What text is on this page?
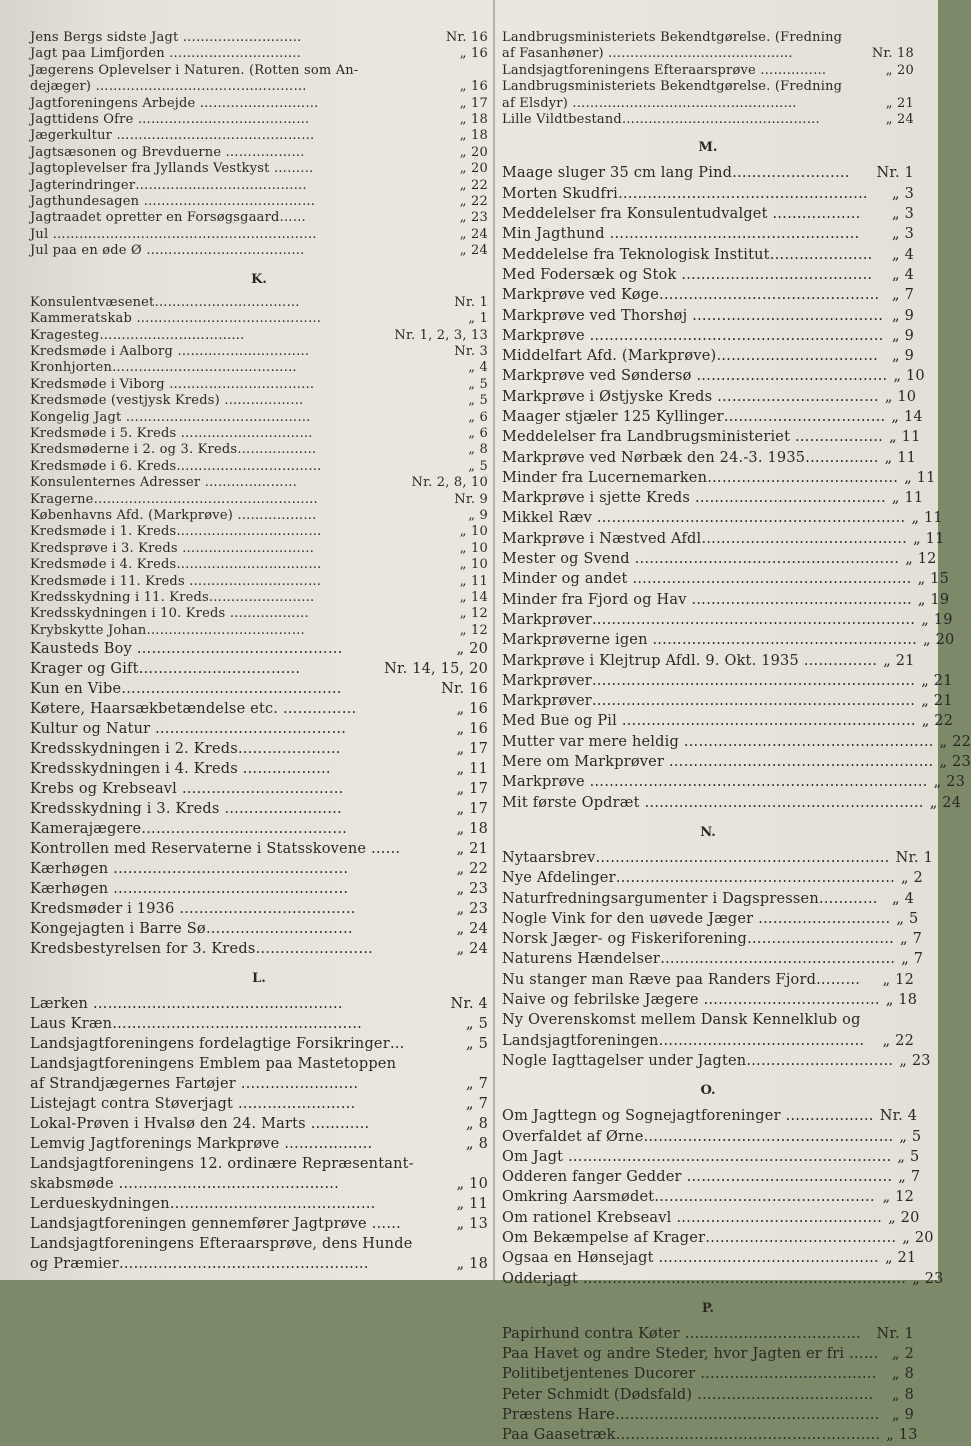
Jens Bergs sidste Jagt ………………………	Nr. 16
Jagt paa Limfjorden …………………………	„ 16
Jægerens Oplevelser i Naturen. (Rotten som An-
dejæger) …………………………………………	„ 16
Jagtforeningens Arbejde ………………………	„ 17
Jagttidens Ofre …………………………………	„ 18
Jægerkultur ………………………………………	„ 18
Jagtsæsonen og Brevduerne ………………	„ 20
Jagtoplevelser fra Jyllands Vestkyst ………	„ 20
Jagterindringer…………………………………	„ 22
Jagthundesagen …………………………………	„ 22
Jagtraadet opretter en Forsøgsgaard……	„ 23
Jul ……………………………………………………	„ 24
Jul paa en øde Ø ………………………………	„ 24
K.
Konsulentvæsenet……………………………	Nr. 1
Kammeratskab ……………………………………	„ 1
Kragesteg……………………………	Nr. 1, 2, 3, 13
Kredsmøde i Aalborg …………………………	Nr. 3
Kronhjorten……………………………………	„ 4
Kredsmøde i Viborg ……………………………	„ 5
Kredsmøde (vestjysk Kreds) ………………	„ 5
Kongelig Jagt ……………………………………	„ 6
Kredsmøde i 5. Kreds …………………………	„ 6
Kredsmøderne i 2. og 3. Kreds………………	„ 8
Kredsmøde i 6. Kreds……………………………	„ 5
Konsulenternes Adresser …………………	Nr. 2, 8, 10
Kragerne……………………………………………	Nr. 9
Københavns Afd. (Markprøve) ………………	„ 9
Kredsmøde i 1. Kreds……………………………	„ 10
Kredsprøve i 3. Kreds …………………………	„ 10
Kredsmøde i 4. Kreds……………………………	„ 10
Kredsmøde i 11. Kreds …………………………	„ 11
Kredsskydning i 11. Kreds……………………	„ 14
Kredsskydningen i 10. Kreds ………………	„ 12
Krybskytte Johan………………………………	„ 12
Kausteds Boy ……………………………………	„ 20
Krager og Gift……………………………	Nr. 14, 15, 20
Kun en Vibe………………………………………	Nr. 16
Køtere, Haarsækbetændelse etc. ……………	„ 16
Kultur og Natur …………………………………	„ 16
Kredsskydningen i 2. Kreds…………………	„ 17
Kredsskydningen i 4. Kreds ………………	„ 11
Krebs og Krebseavl ……………………………	„ 17
Kredsskydning i 3. Kreds ……………………	„ 17
Kamerajægere……………………………………	„ 18
Kontrollen med Reservaterne i Statsskovene ……	„ 21
Kærhøgen …………………………………………	„ 22
Kærhøgen …………………………………………	„ 23
Kredsmøder i 1936 ………………………………	„ 23
Kongejagten i Barre Sø…………………………	„ 24
Kredsbestyrelsen for 3. Kreds……………………	„ 24
L.
Lærken ……………………………………………	Nr. 4
Laus Kræn……………………………………………	„ 5
Landsjagtforeningens fordelagtige Forsikringer…	„ 5
Landsjagtforeningens Emblem paa Mastetoppen
af Strandjægernes Fartøjer ……………………	„ 7
Listejagt contra Støverjagt ……………………	„ 7
Lokal-Prøven i Hvalsø den 24. Marts …………	„ 8
Lemvig Jagtforenings Markprøve ………………	„ 8
Landsjagtforeningens 12. ordinære Repræsentant-
skabsmøde ………………………………………	„ 10
Lerdueskydningen……………………………………	„ 11
Landsjagtforeningen gennemfører Jagtprøve ……	„ 13
Landsjagtforeningens Efteraarsprøve, dens Hunde
og Præmier……………………………………………	„ 18
Landbrugsministeriets Bekendtgørelse. (Fredning
af Fasanhøner) ……………………………………	Nr. 18
Landsjagtforeningens Efteraarsprøve ……………	„ 20
Landbrugsministeriets Bekendtgørelse. (Fredning
af Elsdyr) ……………………………………………	„ 21
Lille Vildtbestand………………………………………	„ 24
M.
Maage sluger 35 cm lang Pind……………………	Nr. 1
Morten Skudfri……………………………………………	„ 3
Meddelelser fra Konsulentudvalget ………………	„ 3
Min Jagthund ……………………………………………	„ 3
Meddelelse fra Teknologisk Institut…………………	„ 4
Med Fodersæk og Stok …………………………………	„ 4
Markprøve ved Køge……………………………………… „ 7
Markprøve ved Thorshøj ………………………………… „ 9
Markprøve …………………………………………………… „ 9
Middelfart Afd. (Markprøve)…………………………… „ 9
Markprøve ved Søndersø ………………………………… „ 10
Markprøve i Østjyske Kreds …………………………… „ 10
Maager stjæler 125 Kyllinger…………………………… „ 14
Meddelelser fra Landbrugsministeriet ……………… „ 11
Markprøve ved Nørbæk den 24.-3. 1935…………… „ 11
Minder fra Lucernemarken………………………………… „ 11
Markprøve i sjette Kreds ………………………………… „ 11
Mikkel Ræv ……………………………………………………… „ 11
Markprøve i Næstved Afdl…………………………………… „ 11
Mester og Svend ……………………………………………… „ 12
Minder og andet ………………………………………………… „ 15
Minder fra Fjord og Hav ……………………………………… „ 19
Markprøver………………………………………………………… „ 19
Markprøverne igen ……………………………………………… „ 20
Markprøve i Klejtrup Afdl. 9. Okt. 1935 …………… „ 21
Markprøver………………………………………………………… „ 21
Markprøver………………………………………………………… „ 21
Med Bue og Pil …………………………………………………… „ 22
Mutter var mere heldig …………………………………………… „ 22
Mere om Markprøver ……………………………………………… „ 23
Markprøve …………………………………………………………… „ 23
Mit første Opdræt ………………………………………………… „ 24
N.
Nytaarsbrev…………………………………………………… Nr. 1
Nye Afdelinger………………………………………………… „ 2
Naturfredningsargumenter i Dagspressen………… „ 4
Nogle Vink for den uøvede Jæger ……………………… „ 5
Norsk Jæger- og Fiskeriforening………………………… „ 7
Naturens Hændelser………………………………………… „ 7
Nu stanger man Ræve paa Randers Fjord………	„ 12
Naive og febrilske Jægere ……………………………… „ 18
Ny Overenskomst mellem Dansk Kennelklub og
Landsjagtforeningen……………………………………	„ 22
Nogle Iagttagelser under Jagten………………………… „ 23
O.
Om Jagttegn og Sognejagtforeninger ……………… Nr. 4
Overfaldet af Ørne…………………………………………… „ 5
Om Jagt ………………………………………………………… „ 5
Odderen fanger Gedder …………………………………… „ 7
Omkring Aarsmødet……………………………………… „ 12
Om rationel Krebseavl …………………………………… „ 20
Om Bekæmpelse af Krager………………………………… „ 20
Ogsaa en Hønsejagt ……………………………………… „ 21
Odderjagt ………………………………………………………… „ 23
P.
Papirhund contra Køter ………………………………	Nr. 1
Paa Havet og andre Steder, hvor Jagten er fri …… „ 2
Politibetjentenes Ducorer ………………………………	„ 8
Peter Schmidt (Dødsfald) ………………………………	„ 8
Præstens Hare……………………………………………… „ 9
Paa Gaasetræk……………………………………………… „ 13
